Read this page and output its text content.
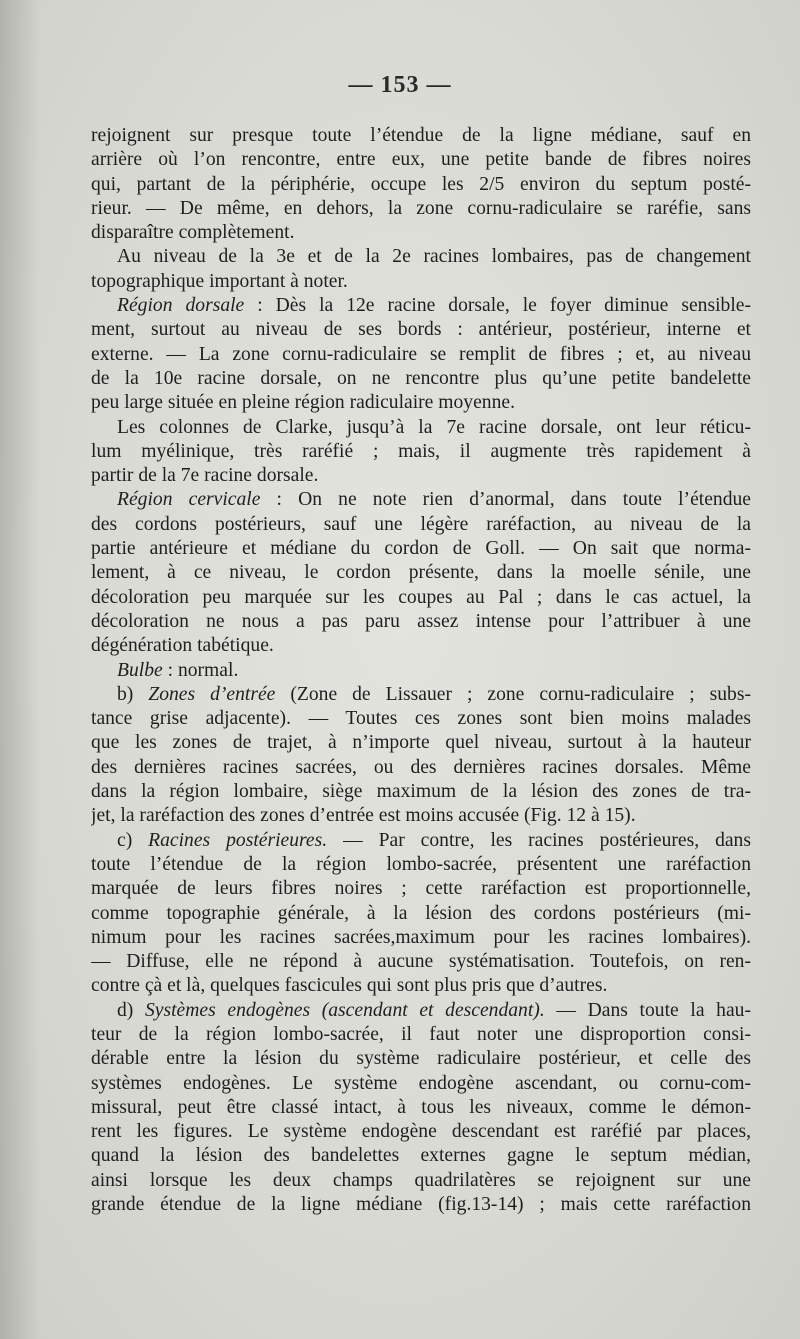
— 153 —
rejoignent sur presque toute l’étendue de la ligne médiane, sauf en
arrière où l’on rencontre, entre eux, une petite bande de fibres noires
qui, partant de la périphérie, occupe les 2/5 environ du septum posté-
rieur. — De même, en dehors, la zone cornu-radiculaire se raréfie, sans
disparaître complètement.
Au niveau de la 3e et de la 2e racines lombaires, pas de changement
topographique important à noter.
Région dorsale : Dès la 12e racine dorsale, le foyer diminue sensible-
ment, surtout au niveau de ses bords : antérieur, postérieur, interne et
externe. — La zone cornu-radiculaire se remplit de fibres ; et, au niveau
de la 10e racine dorsale, on ne rencontre plus qu’une petite bandelette
peu large située en pleine région radiculaire moyenne.
Les colonnes de Clarke, jusqu’à la 7e racine dorsale, ont leur réticu-
lum myélinique, très raréfié ; mais, il augmente très rapidement à
partir de la 7e racine dorsale.
Région cervicale : On ne note rien d’anormal, dans toute l’étendue
des cordons postérieurs, sauf une légère raréfaction, au niveau de la
partie antérieure et médiane du cordon de Goll. — On sait que norma-
lement, à ce niveau, le cordon présente, dans la moelle sénile, une
décoloration peu marquée sur les coupes au Pal ; dans le cas actuel, la
décoloration ne nous a pas paru assez intense pour l’attribuer à une
dégénération tabétique.
Bulbe : normal.
b) Zones d’entrée (Zone de Lissauer ; zone cornu-radiculaire ; subs-
tance grise adjacente). — Toutes ces zones sont bien moins malades
que les zones de trajet, à n’importe quel niveau, surtout à la hauteur
des dernières racines sacrées, ou des dernières racines dorsales. Même
dans la région lombaire, siège maximum de la lésion des zones de tra-
jet, la raréfaction des zones d’entrée est moins accusée (Fig. 12 à 15).
c) Racines postérieures. — Par contre, les racines postérieures, dans
toute l’étendue de la région lombo-sacrée, présentent une raréfaction
marquée de leurs fibres noires ; cette raréfaction est proportionnelle,
comme topographie générale, à la lésion des cordons postérieurs (mi-
nimum pour les racines sacrées,maximum pour les racines lombaires).
— Diffuse, elle ne répond à aucune systématisation. Toutefois, on ren-
contre çà et là, quelques fascicules qui sont plus pris que d’autres.
d) Systèmes endogènes (ascendant et descendant). — Dans toute la hau-
teur de la région lombo-sacrée, il faut noter une disproportion consi-
dérable entre la lésion du système radiculaire postérieur, et celle des
systèmes endogènes. Le système endogène ascendant, ou cornu-com-
missural, peut être classé intact, à tous les niveaux, comme le démon-
rent les figures. Le système endogène descendant est raréfié par places,
quand la lésion des bandelettes externes gagne le septum médian,
ainsi lorsque les deux champs quadrilatères se rejoignent sur une
grande étendue de la ligne médiane (fig.13-14) ; mais cette raréfaction
